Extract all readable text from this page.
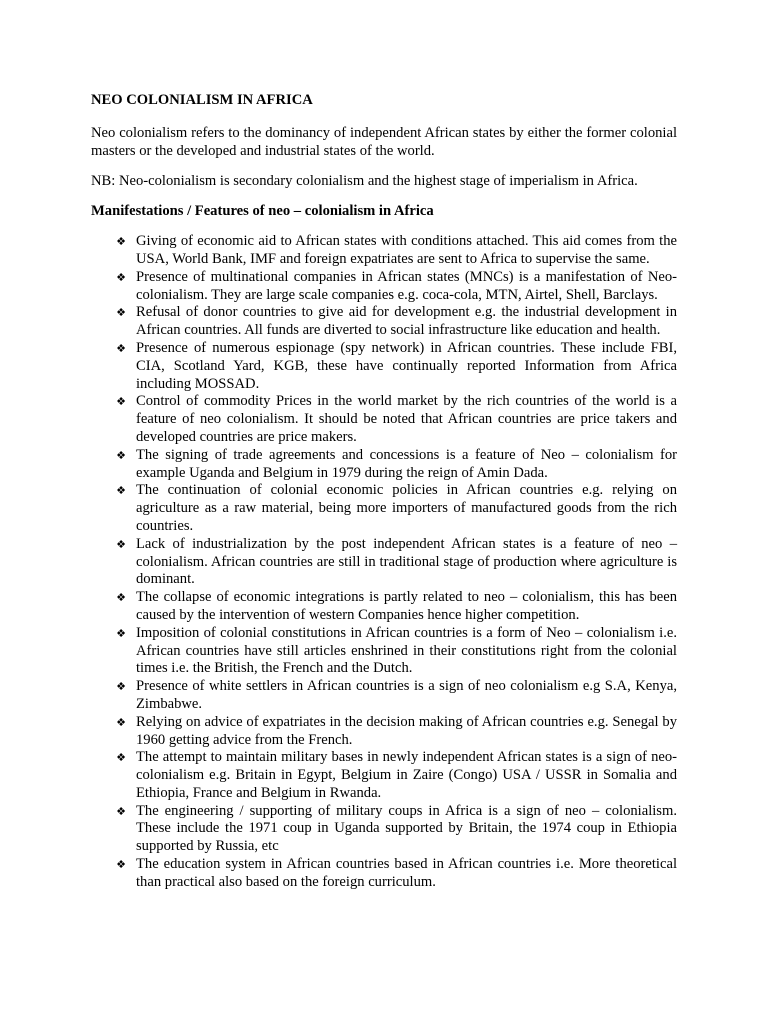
NEO COLONIALISM IN AFRICA

Neo colonialism refers to the dominancy of independent African states by either the former colonial masters or the developed and industrial states of the world.

NB: Neo-colonialism is secondary colonialism and the highest stage of imperialism in Africa.

Manifestations / Features of neo – colonialism in Africa

❖ Giving of economic aid to African states with conditions attached. This aid comes from the USA, World Bank, IMF and foreign expatriates are sent to Africa to supervise the same.
❖ Presence of multinational companies in African states (MNCs) is a manifestation of Neo-colonialism. They are large scale companies e.g. coca-cola, MTN, Airtel, Shell, Barclays.
❖ Refusal of donor countries to give aid for development e.g. the industrial development in African countries. All funds are diverted to social infrastructure like education and health.
❖ Presence of numerous espionage (spy network) in African countries. These include FBI, CIA, Scotland Yard, KGB, these have continually reported Information from Africa including MOSSAD.
❖ Control of commodity Prices in the world market by the rich countries of the world is a feature of neo colonialism. It should be noted that African countries are price takers and developed countries are price makers.
❖ The signing of trade agreements and concessions is a feature of Neo – colonialism for example Uganda and Belgium in 1979 during the reign of Amin Dada.
❖ The continuation of colonial economic policies in African countries e.g. relying on agriculture as a raw material, being more importers of manufactured goods from the rich countries.
❖ Lack of industrialization by the post independent African states is a feature of neo – colonialism. African countries are still in traditional stage of production where agriculture is dominant.
❖ The collapse of economic integrations is partly related to neo – colonialism, this has been caused by the intervention of western Companies hence higher competition.
❖ Imposition of colonial constitutions in African countries is a form of Neo – colonialism i.e. African countries have still articles enshrined in their constitutions right from the colonial times i.e. the British, the French and the Dutch.
❖ Presence of white settlers in African countries is a sign of neo colonialism e.g S.A, Kenya, Zimbabwe.
❖ Relying on advice of expatriates in the decision making of African countries e.g. Senegal by 1960 getting advice from the French.
❖ The attempt to maintain military bases in newly independent African states is a sign of neo-colonialism e.g. Britain in Egypt, Belgium in Zaire (Congo) USA / USSR in Somalia and Ethiopia, France and Belgium in Rwanda.
❖ The engineering / supporting of military coups in Africa is a sign of neo – colonialism. These include the 1971 coup in Uganda supported by Britain, the 1974 coup in Ethiopia supported by Russia, etc
❖ The education system in African countries based in African countries i.e. More theoretical than practical also based on the foreign curriculum.
